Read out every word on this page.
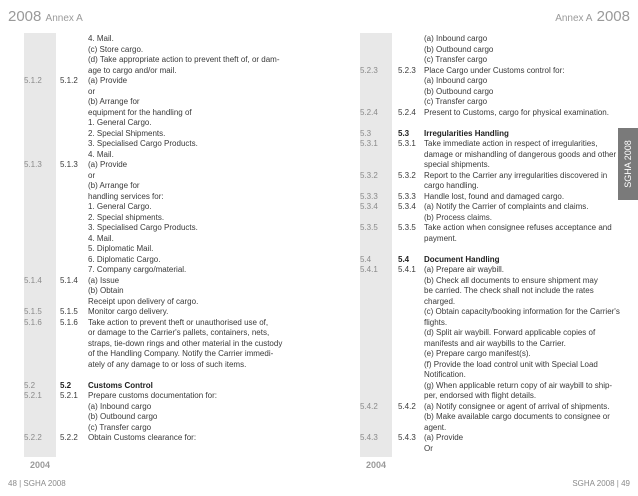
2008 Annex A	Annex A 2008
2004	2004
4. Mail.
(c) Store cargo.
(d) Take appropriate action to prevent theft of, or dam-
age to cargo and/or mail.
5.1.2 5.1.2 (a) Provide
or
(b) Arrange for
equipment for the handling of
1. General Cargo.
2. Special Shipments.
3. Specialised Cargo Products.
4. Mail.
5.1.3 5.1.3 (a) Provide
or
(b) Arrange for
handling services for:
1. General Cargo.
2. Special shipments.
3. Specialised Cargo Products.
4. Mail.
5. Diplomatic Mail.
6. Diplomatic Cargo.
7. Company cargo/material.
5.1.4 5.1.4 (a) Issue
(b) Obtain
Receipt upon delivery of cargo.
5.1.5 5.1.5 Monitor cargo delivery.
5.1.6 5.1.6 Take action to prevent theft or unauthorised use of,
or damage to the Carrier's pallets, containers, nets,
straps, tie-down rings and other material in the custody
of the Handling Company. Notify the Carrier immedi-
ately of any damage to or loss of such items.
5.2	5.2 Customs Control
5.2.1 5.2.1 Prepare customs documentation for:
(a) Inbound cargo
(b) Outbound cargo
(c) Transfer cargo
5.2.2 5.2.2 Obtain Customs clearance for:
(a) Inbound cargo
(b) Outbound cargo
(c) Transfer cargo
5.2.3	5.2.3 Place Cargo under Customs control for:
(a) Inbound cargo
(b) Outbound cargo
(c) Transfer cargo
5.2.4	5.2.4 Present to Customs, cargo for physical examination.
5.3	5.3 Irregularities Handling
5.3.1	5.3.1 Take immediate action in respect of irregularities,
damage or mishandling of dangerous goods and other
special shipments.
5.3.2	5.3.2 Report to the Carrier any irregularities discovered in
cargo handling.
5.3.3	5.3.3 Handle lost, found and damaged cargo.
5.3.4	5.3.4 (a) Notify the Carrier of complaints and claims.
(b) Process claims.
5.3.5	5.3.5 Take action when consignee refuses acceptance and
payment.
5.4	5.4 Document Handling
5.4.1	5.4.1 (a) Prepare air waybill.
(b) Check all documents to ensure shipment may
be carried. The check shall not include the rates
charged.
(c) Obtain capacity/booking information for the Carrier's
flights.
(d) Split air waybill. Forward applicable copies of
manifests and air waybills to the Carrier.
(e) Prepare cargo manifest(s).
(f) Provide the load control unit with Special Load
Notification.
(g) When applicable return copy of air waybill to ship-
per, endorsed with flight details.
5.4.2	5.4.2 (a) Notify consignee or agent of arrival of shipments.
(b) Make available cargo documents to consignee or
agent.
5.4.3	5.4.3 (a) Provide
Or
SGHA 2008
48 | SGHA 2008	SGHA 2008 | 49
